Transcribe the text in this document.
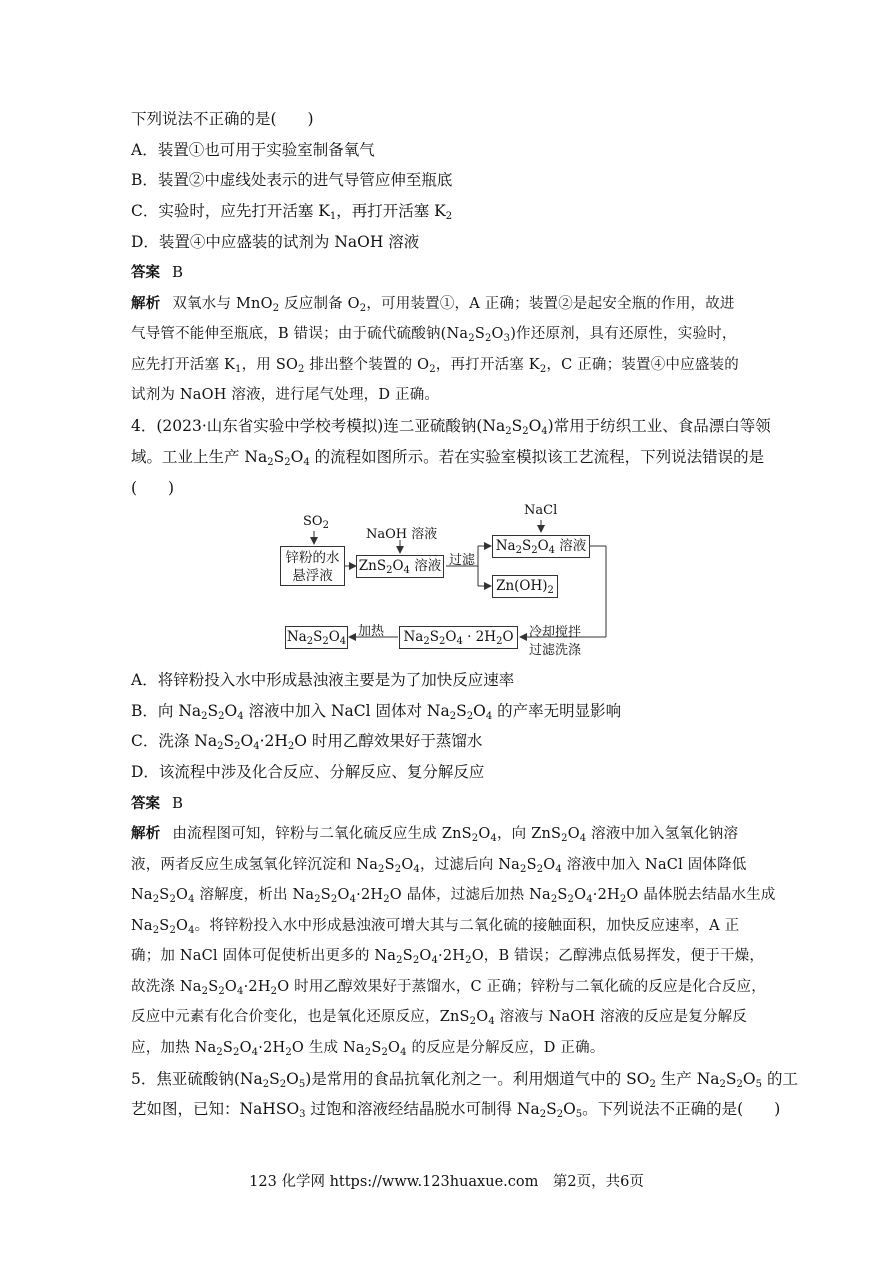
下列说法不正确的是(　　)
A．装置①也可用于实验室制备氧气
B．装置②中虚线处表示的进气导管应伸至瓶底
C．实验时，应先打开活塞 $K_1$，再打开活塞 $K_2$
D．装置④中应盛装的试剂为 NaOH 溶液
答案 B
解析 双氧水与 MnO$_2$ 反应制备 $O_2$，可用装置①，A 正确；装置②是起安全瓶的作用，故进
气导管不能伸至瓶底，B 错误；由于硫代硫酸钠$(Na_2S_2O_3)$作还原剂，具有还原性，实验时，
应先打开活塞 $K_1$，用 $SO_2$ 排出整个装置的 $O_2$，再打开活塞 $K_2$，C 正确；装置④中应盛装的
试剂为 NaOH 溶液，进行尾气处理，D 正确。
4．(2023·山东省实验中学校考模拟)连二亚硫酸钠$(Na_2S_2O_4)$常用于纺织工业、食品漂白等领
域。工业上生产 $Na_2S_2O_4$ 的流程如图所示。若在实验室模拟该工艺流程，下列说法错误的是
(　　)
$SO_2$
NaOH 溶液
NaCl
锌粉的水
悬浮液
$ZnS_2O_4$ 溶液 过滤
$Na_2S_2O_4$ 溶液
$Zn(OH)_2$
冷却搅拌
过滤洗涤
$Na_2S_2O_4 \cdot 2H_2O$
加热
$Na_2S_2O_4$
A．将锌粉投入水中形成悬浊液主要是为了加快反应速率
B．向 $Na_2S_2O_4$ 溶液中加入 NaCl 固体对 $Na_2S_2O_4$ 的产率无明显影响
C．洗涤 $Na_2S_2O_4\cdot 2H_2O$ 时用乙醇效果好于蒸馏水
D．该流程中涉及化合反应、分解反应、复分解反应
答案 B
解析 由流程图可知，锌粉与二氧化硫反应生成 $ZnS_2O_4$，向 $ZnS_2O_4$ 溶液中加入氢氧化钠溶
液，两者反应生成氢氧化锌沉淀和 $Na_2S_2O_4$，过滤后向 $Na_2S_2O_4$ 溶液中加入 NaCl 固体降低
$Na_2S_2O_4$ 溶解度，析出 $Na_2S_2O_4\cdot 2H_2O$ 晶体，过滤后加热 $Na_2S_2O_4\cdot 2H_2O$ 晶体脱去结晶水生成
$Na_2S_2O_4$。将锌粉投入水中形成悬浊液可增大其与二氧化硫的接触面积，加快反应速率，A 正
确；加 NaCl 固体可促使析出更多的 $Na_2S_2O_4\cdot 2H_2O$，B 错误；乙醇沸点低易挥发，便于干燥，
故洗涤 $Na_2S_2O_4\cdot 2H_2O$ 时用乙醇效果好于蒸馏水，C 正确；锌粉与二氧化硫的反应是化合反应，
反应中元素有化合价变化，也是氧化还原反应，$ZnS_2O_4$ 溶液与 NaOH 溶液的反应是复分解反
应，加热 $Na_2S_2O_4\cdot 2H_2O$ 生成 $Na_2S_2O_4$ 的反应是分解反应，D 正确。
5．焦亚硫酸钠$(Na_2S_2O_5)$是常用的食品抗氧化剂之一。利用烟道气中的 $SO_2$ 生产 $Na_2S_2O_5$ 的工
艺如图，已知：NaHSO$_3$ 过饱和溶液经结晶脱水可制得 $Na_2S_2O_5$。下列说法不正确的是(　　)
123 化学网 https://www.123huaxue.com　第2页，共6页
